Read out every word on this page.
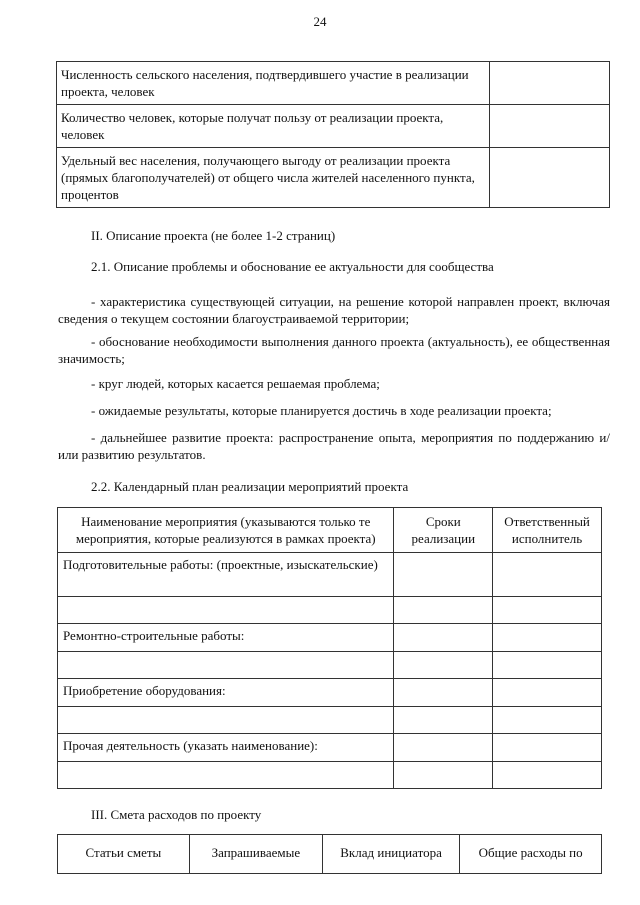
24
Численность сельского населения, подтвердившего участие в реализации проекта, человек	
Количество человек, которые получат пользу от реализации проекта, человек	
Удельный вес населения, получающего выгоду от реализации проекта (прямых благополучателей) от общего числа жителей населенного пункта, процентов	
II. Описание проекта (не более 1-2 страниц)
2.1. Описание проблемы и обоснование ее актуальности для сообщества
- характеристика существующей ситуации, на решение которой направлен проект, включая сведения о текущем состоянии благоустраиваемой территории;
- обоснование необходимости выполнения данного проекта (актуальность), ее общественная значимость;
- круг людей, которых касается решаемая проблема;
- ожидаемые результаты, которые планируется достичь в ходе реализации проекта;
- дальнейшее развитие проекта: распространение опыта, мероприятия по поддержанию и/или развитию результатов.
2.2. Календарный план реализации мероприятий проекта
Наименование мероприятия (указываются только те мероприятия, которые реализуются в рамках проекта)	Сроки реализации	Ответственный исполнитель
Подготовительные работы: (проектные, изыскательские)		

Ремонтно-строительные работы:		

Приобретение оборудования:		

Прочая деятельность (указать наименование):		

III. Смета расходов по проекту
Статьи сметы	Запрашиваемые	Вклад инициатора	Общие расходы по
